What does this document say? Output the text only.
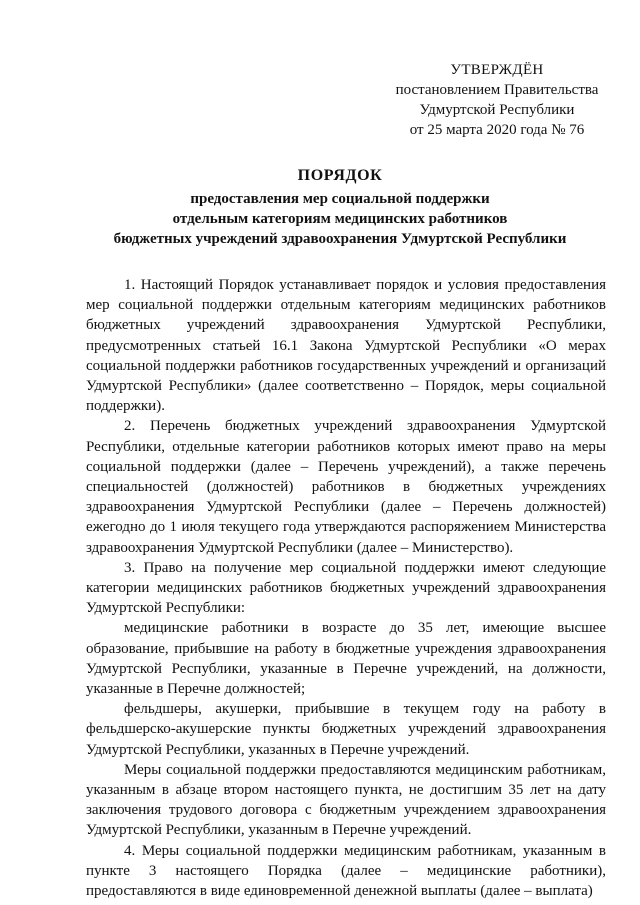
УТВЕРЖДЁН
постановлением Правительства
Удмуртской Республики
от 25 марта 2020 года № 76
ПОРЯДОК
предоставления мер социальной поддержки
отдельным категориям медицинских работников
бюджетных учреждений здравоохранения Удмуртской Республики

1. Настоящий Порядок устанавливает порядок и условия предоставления мер социальной поддержки отдельным категориям медицинских работников бюджетных учреждений здравоохранения Удмуртской Республики, предусмотренных статьей 16.1 Закона Удмуртской Республики «О мерах социальной поддержки работников государственных учреждений и организаций Удмуртской Республики» (далее соответственно – Порядок, меры социальной поддержки).

2. Перечень бюджетных учреждений здравоохранения Удмуртской Республики, отдельные категории работников которых имеют право на меры социальной поддержки (далее – Перечень учреждений), а также перечень специальностей (должностей) работников в бюджетных учреждениях здравоохранения Удмуртской Республики (далее – Перечень должностей) ежегодно до 1 июля текущего года утверждаются распоряжением Министерства здравоохранения Удмуртской Республики (далее – Министерство).

3. Право на получение мер социальной поддержки имеют следующие категории медицинских работников бюджетных учреждений здравоохранения Удмуртской Республики:

медицинские работники в возрасте до 35 лет, имеющие высшее образование, прибывшие на работу в бюджетные учреждения здравоохранения Удмуртской Республики, указанные в Перечне учреждений, на должности, указанные в Перечне должностей;

фельдшеры, акушерки, прибывшие в текущем году на работу в фельдшерско-акушерские пункты бюджетных учреждений здравоохранения Удмуртской Республики, указанных в Перечне учреждений.

Меры социальной поддержки предоставляются медицинским работникам, указанным в абзаце втором настоящего пункта, не достигшим 35 лет на дату заключения трудового договора с бюджетным учреждением здравоохранения Удмуртской Республики, указанным в Перечне учреждений.

4. Меры социальной поддержки медицинским работникам, указанным в пункте 3 настоящего Порядка (далее – медицинские работники), предоставляются в виде единовременной денежной выплаты (далее – выплата)
